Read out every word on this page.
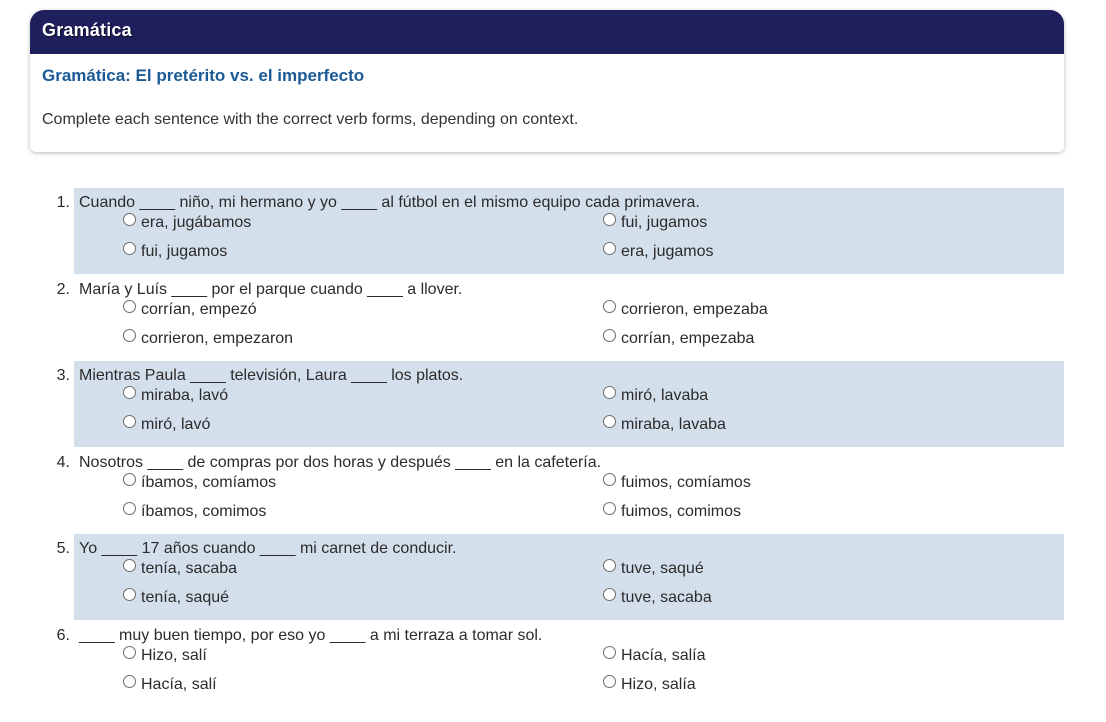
Gramática
Gramática: El pretérito vs. el imperfecto
Complete each sentence with the correct verb forms, depending on context.
1. Cuando ____ niño, mi hermano y yo ____ al fútbol en el mismo equipo cada primavera.
era, jugábamos	fui, jugamos
fui, jugamos	era, jugamos
2. María y Luís ____ por el parque cuando ____ a llover.
corrían, empezó	corrieron, empezaba
corrieron, empezaron	corrían, empezaba
3. Mientras Paula ____ televisión, Laura ____ los platos.
miraba, lavó	miró, lavaba
miró, lavó	miraba, lavaba
4. Nosotros ____ de compras por dos horas y después ____ en la cafetería.
íbamos, comíamos	fuimos, comíamos
íbamos, comimos	fuimos, comimos
5. Yo ____ 17 años cuando ____ mi carnet de conducir.
tenía, sacaba	tuve, saqué
tenía, saqué	tuve, sacaba
6. ____ muy buen tiempo, por eso yo ____ a mi terraza a tomar sol.
Hizo, salí	Hacía, salía
Hacía, salí	Hizo, salía
